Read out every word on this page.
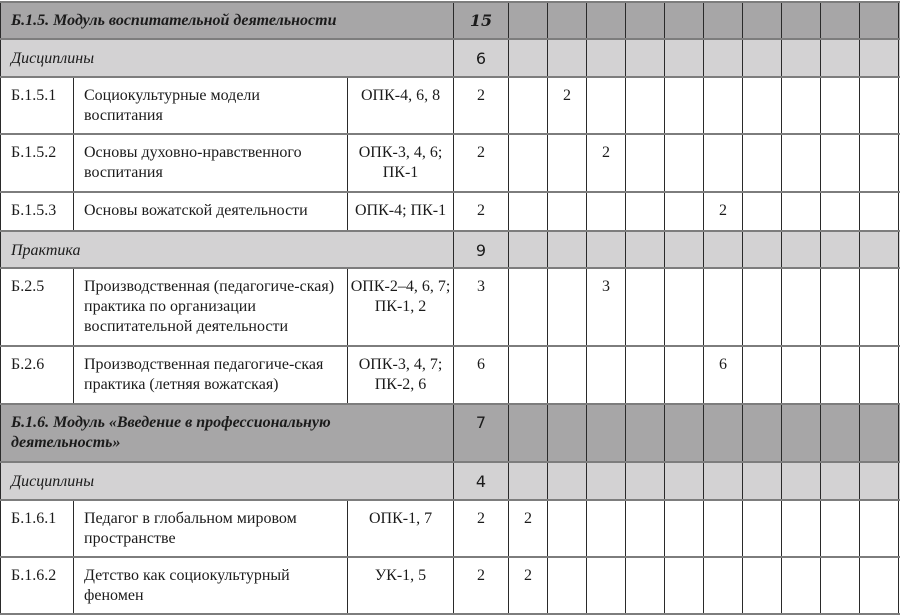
Б.1.5. Модуль воспитательной деятельности			15											
Дисциплины			6											
Б.1.5.1	Социокультурные модели воспитания	ОПК-4, 6, 8	2		2									
Б.1.5.2	Основы духовно-нравственного воспитания	ОПК-3, 4, 6; ПК-1	2			2								
Б.1.5.3	Основы вожатской деятельности	ОПК-4; ПК-1	2						2					
Практика			9											
Б.2.5	Производственная (педагогиче-ская) практика по организации воспитательной деятельности	ОПК-2–4, 6, 7; ПК-1, 2	3			3								
Б.2.6	Производственная педагогиче-ская практика (летняя вожатская)	ОПК-3, 4, 7; ПК-2, 6	6						6					
Б.1.6. Модуль «Введение в профессиональную деятельность»			7											
Дисциплины			4											
Б.1.6.1	Педагог в глобальном мировом пространстве	ОПК-1, 7	2	2										
Б.1.6.2	Детство как социокультурный феномен	УК-1, 5	2	2										
